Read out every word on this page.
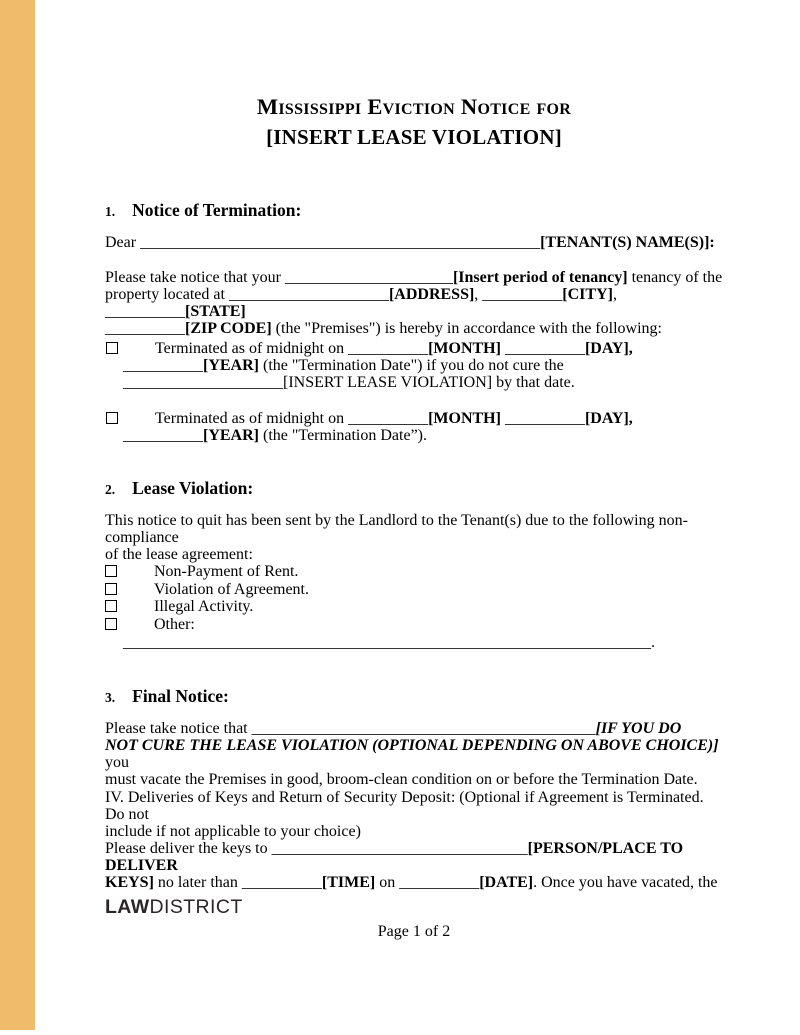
Mississippi Eviction Notice for
[INSERT LEASE VIOLATION]
1. Notice of Termination:
Dear __________________________________________________[TENANT(S) NAME(S)]:
Please take notice that your _____________________[Insert period of tenancy] tenancy of the
property located at ____________________[ADDRESS], __________[CITY], __________[STATE]
__________[ZIP CODE] (the "Premises") is hereby in accordance with the following:
Terminated as of midnight on __________[MONTH] __________[DAY],
__________[YEAR] (the "Termination Date") if you do not cure the
____________________[INSERT LEASE VIOLATION] by that date.
Terminated as of midnight on __________[MONTH] __________[DAY],
__________[YEAR] (the "Termination Date”).
2. Lease Violation:
This notice to quit has been sent by the Landlord to the Tenant(s) due to the following non-compliance
of the lease agreement:
Non-Payment of Rent.
Violation of Agreement.
Illegal Activity.
Other:
__________________________________________________________________.
3. Final Notice:
Please take notice that ___________________________________________[IF YOU DO
NOT CURE THE LEASE VIOLATION (OPTIONAL DEPENDING ON ABOVE CHOICE)] you
must vacate the Premises in good, broom-clean condition on or before the Termination Date.
IV. Deliveries of Keys and Return of Security Deposit: (Optional if Agreement is Terminated. Do not
include if not applicable to your choice)
Please deliver the keys to ________________________________[PERSON/PLACE TO DELIVER
KEYS] no later than __________[TIME] on __________[DATE]. Once you have vacated, the
LAWDISTRICT
Page 1 of 2
